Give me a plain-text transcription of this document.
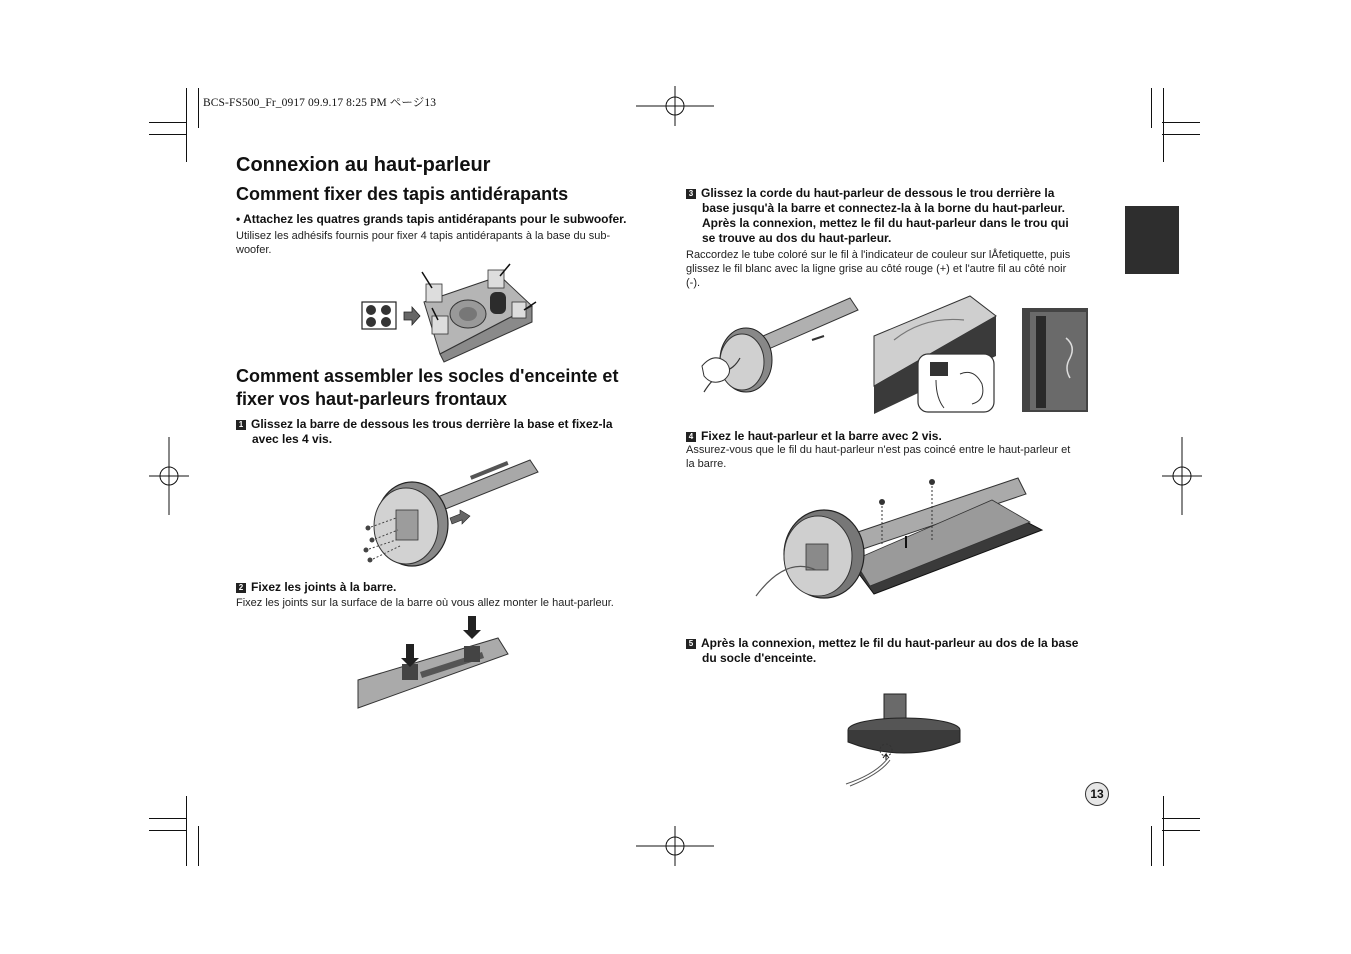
BCS-FS500_Fr_0917 09.9.17 8:25 PM ページ13
Connexion au haut-parleur
Comment fixer des tapis antidérapants
• Attachez les quatres grands tapis antidérapants pour le subwoofer.
Utilisez les adhésifs fournis pour fixer 4 tapis antidérapants à la base du sub-
woofer.
Comment assembler les socles d'enceinte et
fixer vos haut-parleurs frontaux
1 Glissez la barre de dessous les trous derrière la base et fixez-la
avec les 4 vis.
2 Fixez les joints à la barre.
Fixez les joints sur la surface de la barre où vous allez monter le haut-parleur.
3 Glissez la corde du haut-parleur de dessous le trou derrière la
base jusqu'à la barre et connectez-la à la borne du haut-parleur.
Après la connexion, mettez le fil du haut-parleur dans le trou qui
se trouve au dos du haut-parleur.
Raccordez le tube coloré sur le fil à l'indicateur de couleur sur lÅfetiquette, puis
glissez le fil blanc avec la ligne grise au côté rouge (+) et l'autre fil au côté noir
(-).
4 Fixez le haut-parleur et la barre avec 2 vis.
Assurez-vous que le fil du haut-parleur n'est pas coincé entre le haut-parleur et
la barre.
5 Après la connexion, mettez le fil du haut-parleur au dos de la base
du socle d'enceinte.
13
